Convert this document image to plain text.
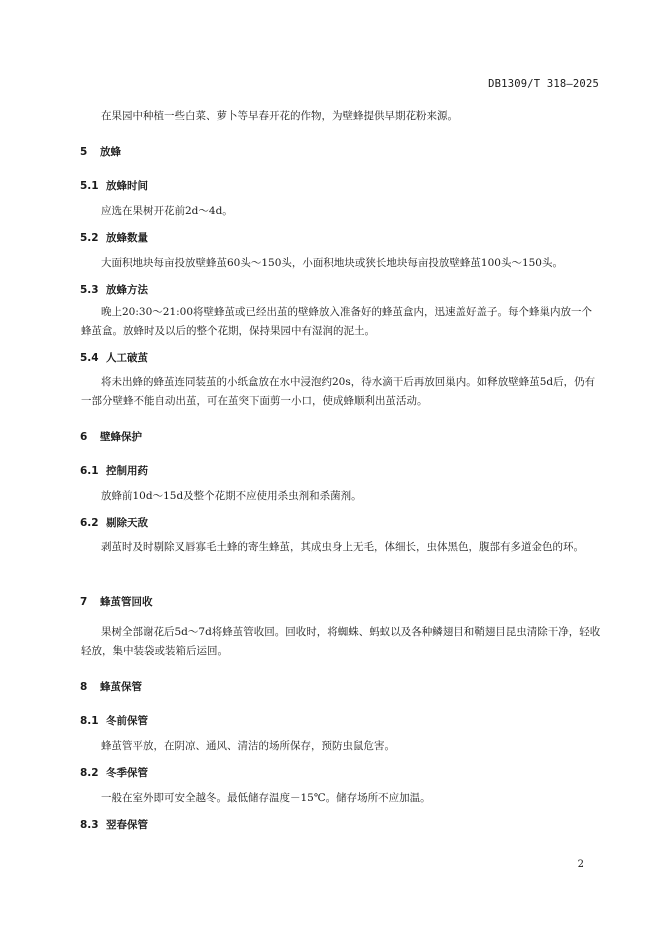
DB1309/T 318—2025
在果园中种植一些白菜、萝卜等早春开花的作物，为壁蜂提供早期花粉来源。
5 放蜂
5.1 放蜂时间
应选在果树开花前2d～4d。
5.2 放蜂数量
大面积地块每亩投放壁蜂茧60头～150头，小面积地块或狭长地块每亩投放壁蜂茧100头～150头。
5.3 放蜂方法
晚上20:30～21:00将壁蜂茧或已经出茧的壁蜂放入准备好的蜂茧盒内，迅速盖好盖子。每个蜂巢内放一个蜂茧盒。放蜂时及以后的整个花期，保持果园中有湿润的泥土。
5.4 人工破茧
将未出蜂的蜂茧连同装茧的小纸盒放在水中浸泡约20s，待水滴干后再放回巢内。如释放壁蜂茧5d后，仍有一部分壁蜂不能自动出茧，可在茧突下面剪一小口，使成蜂顺利出茧活动。
6 壁蜂保护
6.1 控制用药
放蜂前10d～15d及整个花期不应使用杀虫剂和杀菌剂。
6.2 剔除天敌
剥茧时及时剔除叉唇寡毛土蜂的寄生蜂茧，其成虫身上无毛，体细长，虫体黑色，腹部有多道金色的环。
7 蜂茧管回收
果树全部谢花后5d～7d将蜂茧管收回。回收时，将蜘蛛、蚂蚁以及各种鳞翅目和鞘翅目昆虫清除干净，轻收轻放，集中装袋或装箱后运回。
8 蜂茧保管
8.1 冬前保管
蜂茧管平放，在阴凉、通风、清洁的场所保存，预防虫鼠危害。
8.2 冬季保管
一般在室外即可安全越冬。最低储存温度－15℃。储存场所不应加温。
8.3 翌春保管
2
